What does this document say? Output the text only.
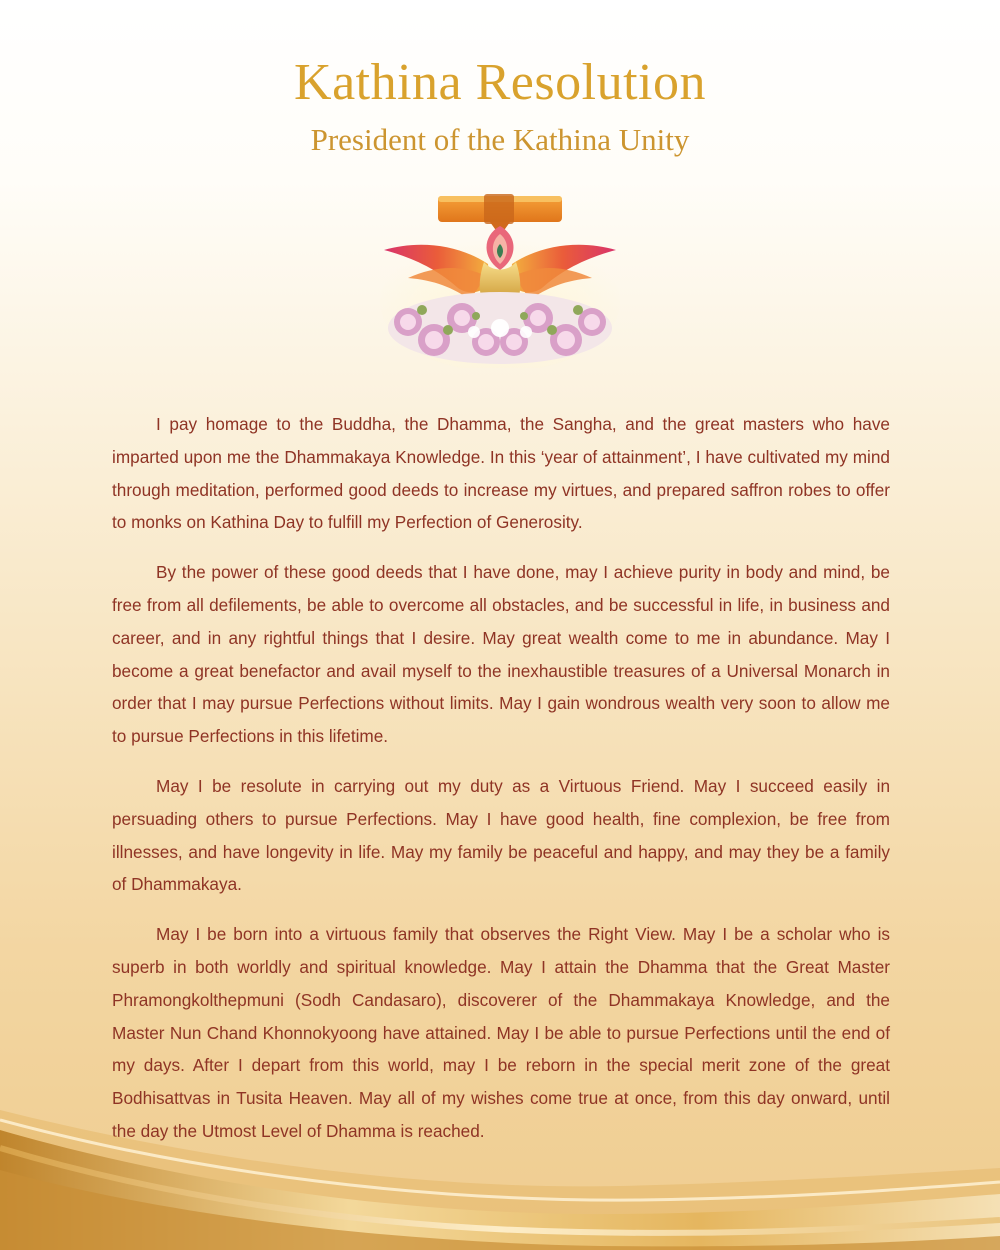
Kathina Resolution
President of the Kathina Unity

I pay homage to the Buddha, the Dhamma, the Sangha, and the great masters who have imparted upon me the Dhammakaya Knowledge. In this ‘year of attainment’, I have cultivated my mind through meditation, performed good deeds to increase my virtues, and prepared saffron robes to offer to monks on Kathina Day to fulfill my Perfection of Generosity.

By the power of these good deeds that I have done, may I achieve purity in body and mind, be free from all defilements, be able to overcome all obstacles, and be successful in life, in business and career, and in any rightful things that I desire. May great wealth come to me in abundance. May I become a great benefactor and avail myself to the inexhaustible treasures of a Universal Monarch in order that I may pursue Perfections without limits. May I gain wondrous wealth very soon to allow me to pursue Perfections in this lifetime.

May I be resolute in carrying out my duty as a Virtuous Friend. May I succeed easily in persuading others to pursue Perfections. May I have good health, fine complexion, be free from illnesses, and have longevity in life. May my family be peaceful and happy, and may they be a family of Dhammakaya.

May I be born into a virtuous family that observes the Right View. May I be a scholar who is superb in both worldly and spiritual knowledge. May I attain the Dhamma that the Great Master Phramongkolthepmuni (Sodh Candasaro), discoverer of the Dhammakaya Knowledge, and the Master Nun Chand Khonnokyoong have attained. May I be able to pursue Perfections until the end of my days. After I depart from this world, may I be reborn in the special merit zone of the great Bodhisattvas in Tusita Heaven. May all of my wishes come true at once, from this day onward, until the day the Utmost Level of Dhamma is reached.
